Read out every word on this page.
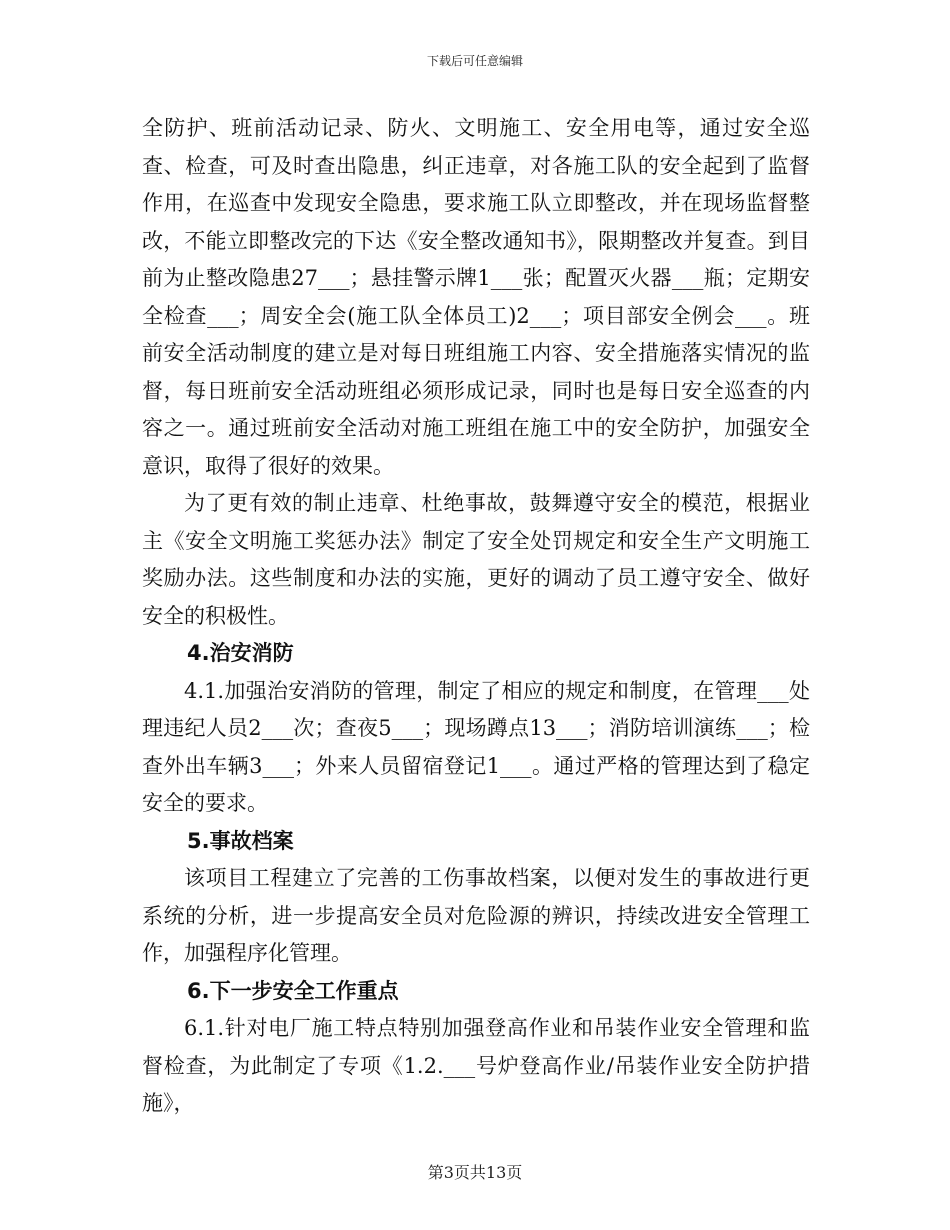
下载后可任意编辑

全防护、班前活动记录、防火、文明施工、安全用电等，通过安全巡查、检查，可及时查出隐患，纠正违章，对各施工队的安全起到了监督作用，在巡查中发现安全隐患，要求施工队立即整改，并在现场监督整改，不能立即整改完的下达《安全整改通知书》，限期整改并复查。到目前为止整改隐患27___；悬挂警示牌1___张；配置灭火器___瓶；定期安全检查___；周安全会(施工队全体员工)2___；项目部安全例会___。班前安全活动制度的建立是对每日班组施工内容、安全措施落实情况的监督，每日班前安全活动班组必须形成记录，同时也是每日安全巡查的内容之一。通过班前安全活动对施工班组在施工中的安全防护，加强安全意识，取得了很好的效果。

为了更有效的制止违章、杜绝事故，鼓舞遵守安全的模范，根据业主《安全文明施工奖惩办法》制定了安全处罚规定和安全生产文明施工奖励办法。这些制度和办法的实施，更好的调动了员工遵守安全、做好安全的积极性。

4.治安消防

4.1.加强治安消防的管理，制定了相应的规定和制度，在管理___处理违纪人员2___次；查夜5___；现场蹲点13___；消防培训演练___；检查外出车辆3___；外来人员留宿登记1___。通过严格的管理达到了稳定安全的要求。

5.事故档案

该项目工程建立了完善的工伤事故档案，以便对发生的事故进行更系统的分析，进一步提高安全员对危险源的辨识，持续改进安全管理工作，加强程序化管理。

6.下一步安全工作重点

6.1.针对电厂施工特点特别加强登高作业和吊装作业安全管理和监督检查，为此制定了专项《1.2.___号炉登高作业/吊装作业安全防护措施》，

第3页共13页
